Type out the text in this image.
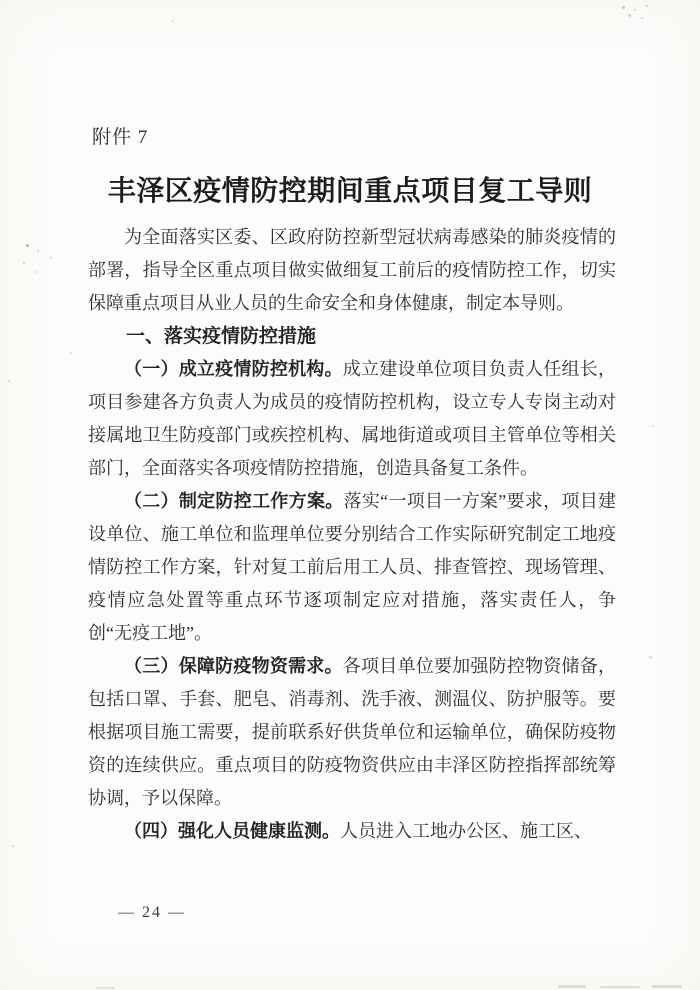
附件 7
丰泽区疫情防控期间重点项目复工导则

为全面落实区委、区政府防控新型冠状病毒感染的肺炎疫情的部署，指导全区重点项目做实做细复工前后的疫情防控工作，切实保障重点项目从业人员的生命安全和身体健康，制定本导则。

一、落实疫情防控措施

（一）成立疫情防控机构。成立建设单位项目负责人任组长，项目参建各方负责人为成员的疫情防控机构，设立专人专岗主动对接属地卫生防疫部门或疾控机构、属地街道或项目主管单位等相关部门，全面落实各项疫情防控措施，创造具备复工条件。

（二）制定防控工作方案。落实“一项目一方案”要求，项目建设单位、施工单位和监理单位要分别结合工作实际研究制定工地疫情防控工作方案，针对复工前后用工人员、排查管控、现场管理、疫情应急处置等重点环节逐项制定应对措施，落实责任人，争创“无疫工地”。

（三）保障防疫物资需求。各项目单位要加强防控物资储备，包括口罩、手套、肥皂、消毒剂、洗手液、测温仪、防护服等。要根据项目施工需要，提前联系好供货单位和运输单位，确保防疫物资的连续供应。重点项目的防疫物资供应由丰泽区防控指挥部统筹协调，予以保障。

（四）强化人员健康监测。人员进入工地办公区、施工区、

— 24 —
